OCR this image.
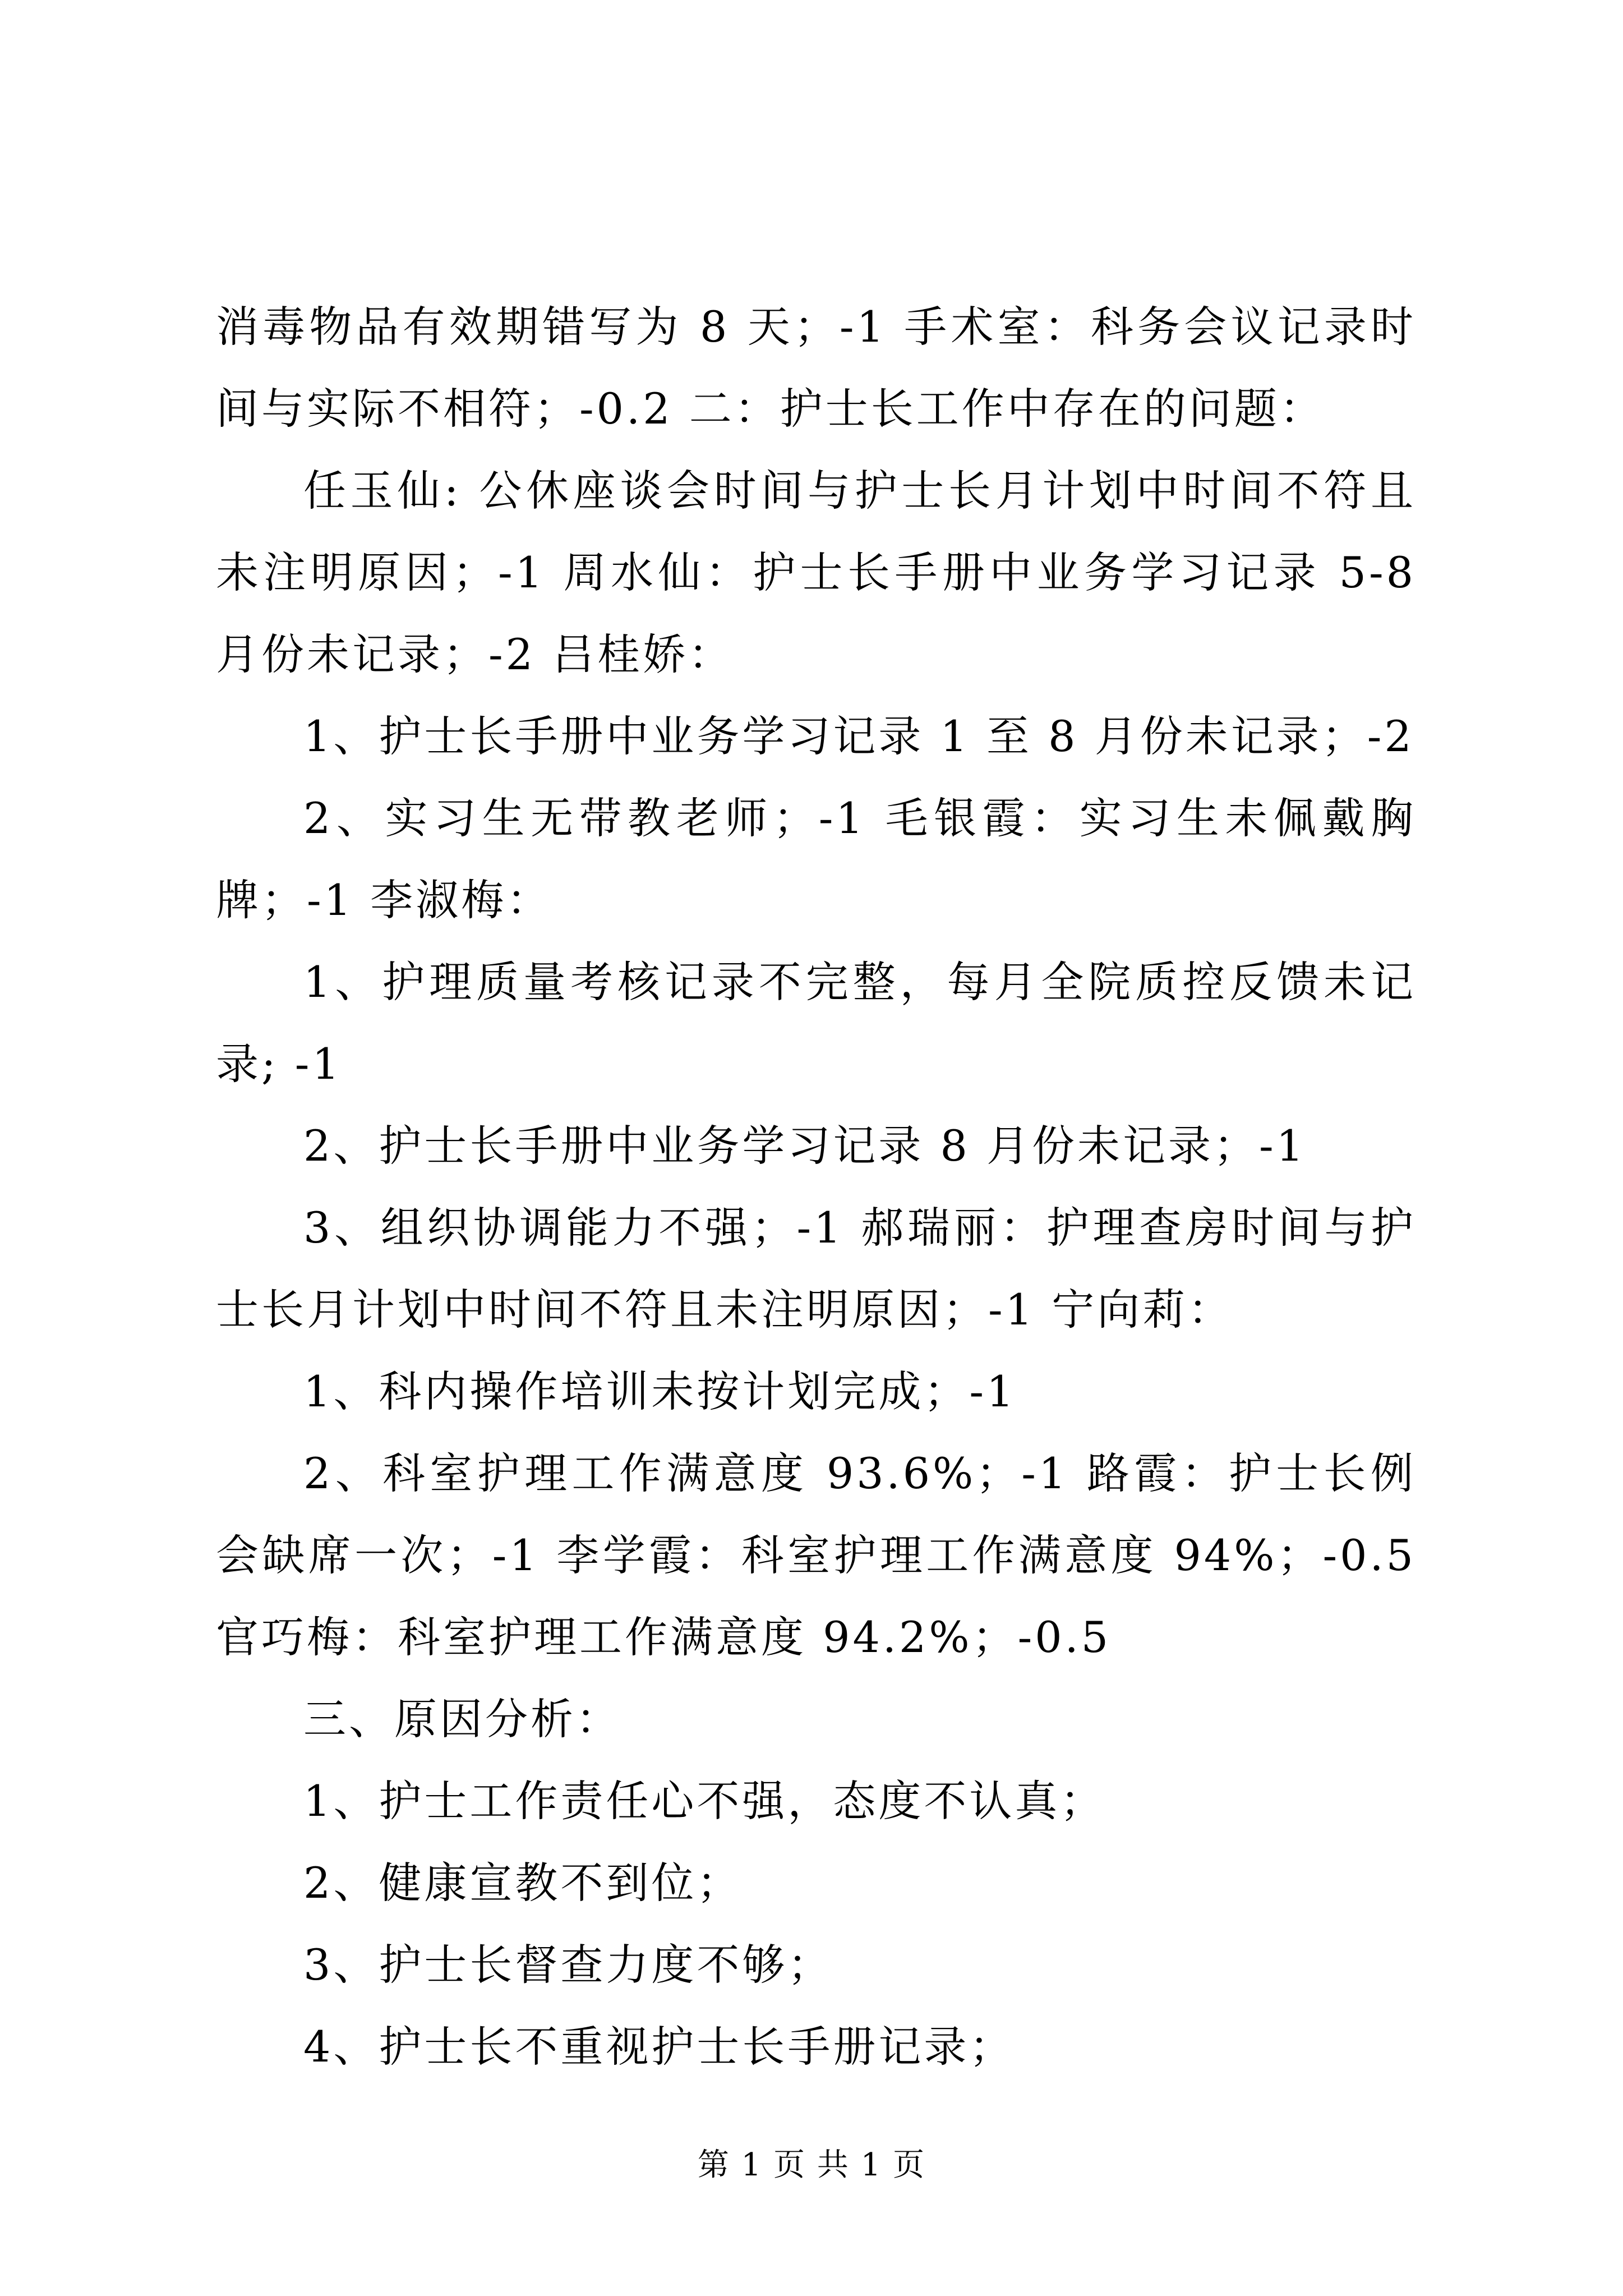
消毒物品有效期错写为 8 天；-1 手术室：科务会议记录时间与实际不相符；-0.2 二：护士长工作中存在的问题：

任玉仙: 公休座谈会时间与护士长月计划中时间不符且未注明原因；-1 周水仙：护士长手册中业务学习记录 5-8 月份未记录；-2 吕桂娇：

1、护士长手册中业务学习记录 1 至 8 月份未记录；-2

2、实习生无带教老师；-1 毛银霞：实习生未佩戴胸牌；-1 李淑梅：

1、护理质量考核记录不完整，每月全院质控反馈未记录; -1

2、护士长手册中业务学习记录 8 月份未记录；-1

3、组织协调能力不强；-1 郝瑞丽：护理查房时间与护士长月计划中时间不符且未注明原因；-1 宁向莉：

1、科内操作培训未按计划完成；-1

2、科室护理工作满意度 93.6%；-1 路霞：护士长例会缺席一次；-1 李学霞：科室护理工作满意度 94%；-0.5 官巧梅：科室护理工作满意度 94.2%；-0.5

三、原因分析：

1、护士工作责任心不强，态度不认真；

2、健康宣教不到位；

3、护士长督查力度不够；

4、护士长不重视护士长手册记录；

第 1 页 共 1 页
